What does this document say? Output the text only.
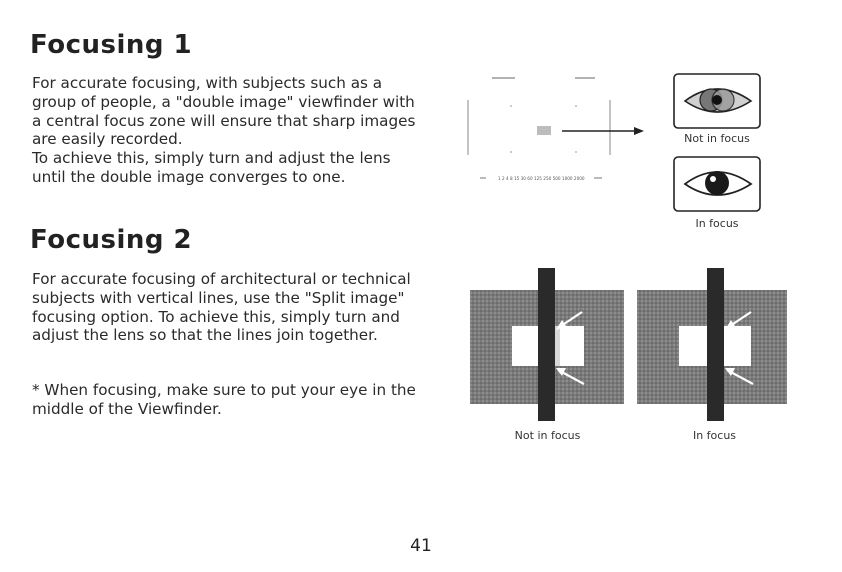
Focusing 1

For accurate focusing, with subjects such as a
group of people, a "double image" viewfinder with
a central focus zone will ensure that sharp images
are easily recorded.
To achieve this, simply turn and adjust the lens
until the double image converges to one.

Focusing 2

For accurate focusing of architectural or technical
subjects with vertical lines, use the "Split image"
focusing option. To achieve this, simply turn and
adjust the lens so that the lines join together.

* When focusing, make sure to put your eye in the
middle of the Viewfinder.

1 2 4 8 15 30 60 125 250 500 1000 2000
Not in focus
In focus
Not in focus	In focus
41
